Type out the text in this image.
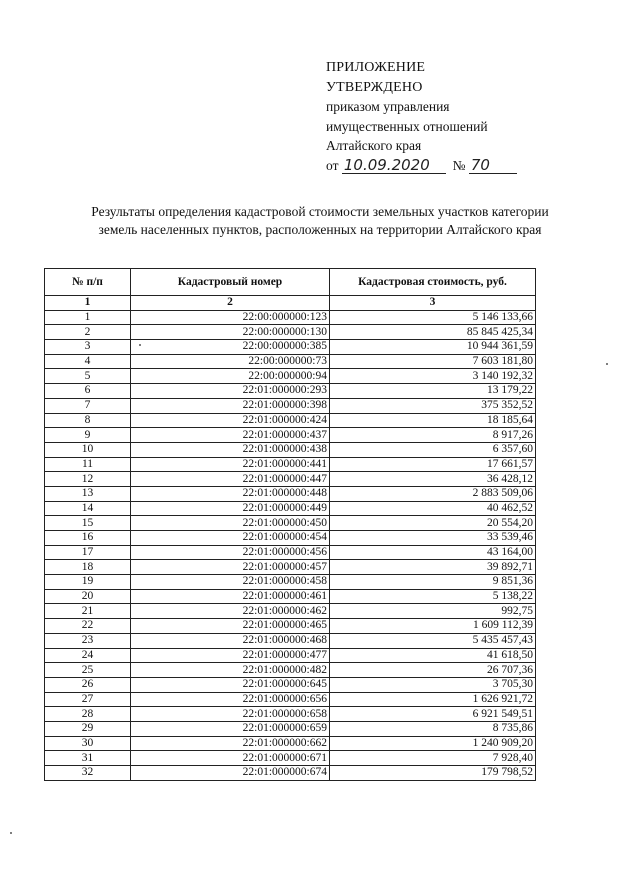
ПРИЛОЖЕНИЕ
УТВЕРЖДЕНО
приказом управления
имущественных отношений
Алтайского края
от 10.09.2020 № 70
Результаты определения кадастровой стоимости земельных участков категории
земель населенных пунктов, расположенных на территории Алтайского края
№ п/п	Кадастровый номер	Кадастровая стоимость, руб.
1	2	3
1	22:00:000000:123	5 146 133,66
2	22:00:000000:130	85 845 425,34
3	22:00:000000:385	10 944 361,59
4	22:00:000000:73	7 603 181,80
5	22:00:000000:94	3 140 192,32
6	22:01:000000:293	13 179,22
7	22:01:000000:398	375 352,52
8	22:01:000000:424	18 185,64
9	22:01:000000:437	8 917,26
10	22:01:000000:438	6 357,60
11	22:01:000000:441	17 661,57
12	22:01:000000:447	36 428,12
13	22:01:000000:448	2 883 509,06
14	22:01:000000:449	40 462,52
15	22:01:000000:450	20 554,20
16	22:01:000000:454	33 539,46
17	22:01:000000:456	43 164,00
18	22:01:000000:457	39 892,71
19	22:01:000000:458	9 851,36
20	22:01:000000:461	5 138,22
21	22:01:000000:462	992,75
22	22:01:000000:465	1 609 112,39
23	22:01:000000:468	5 435 457,43
24	22:01:000000:477	41 618,50
25	22:01:000000:482	26 707,36
26	22:01:000000:645	3 705,30
27	22:01:000000:656	1 626 921,72
28	22:01:000000:658	6 921 549,51
29	22:01:000000:659	8 735,86
30	22:01:000000:662	1 240 909,20
31	22:01:000000:671	7 928,40
32	22:01:000000:674	179 798,52
